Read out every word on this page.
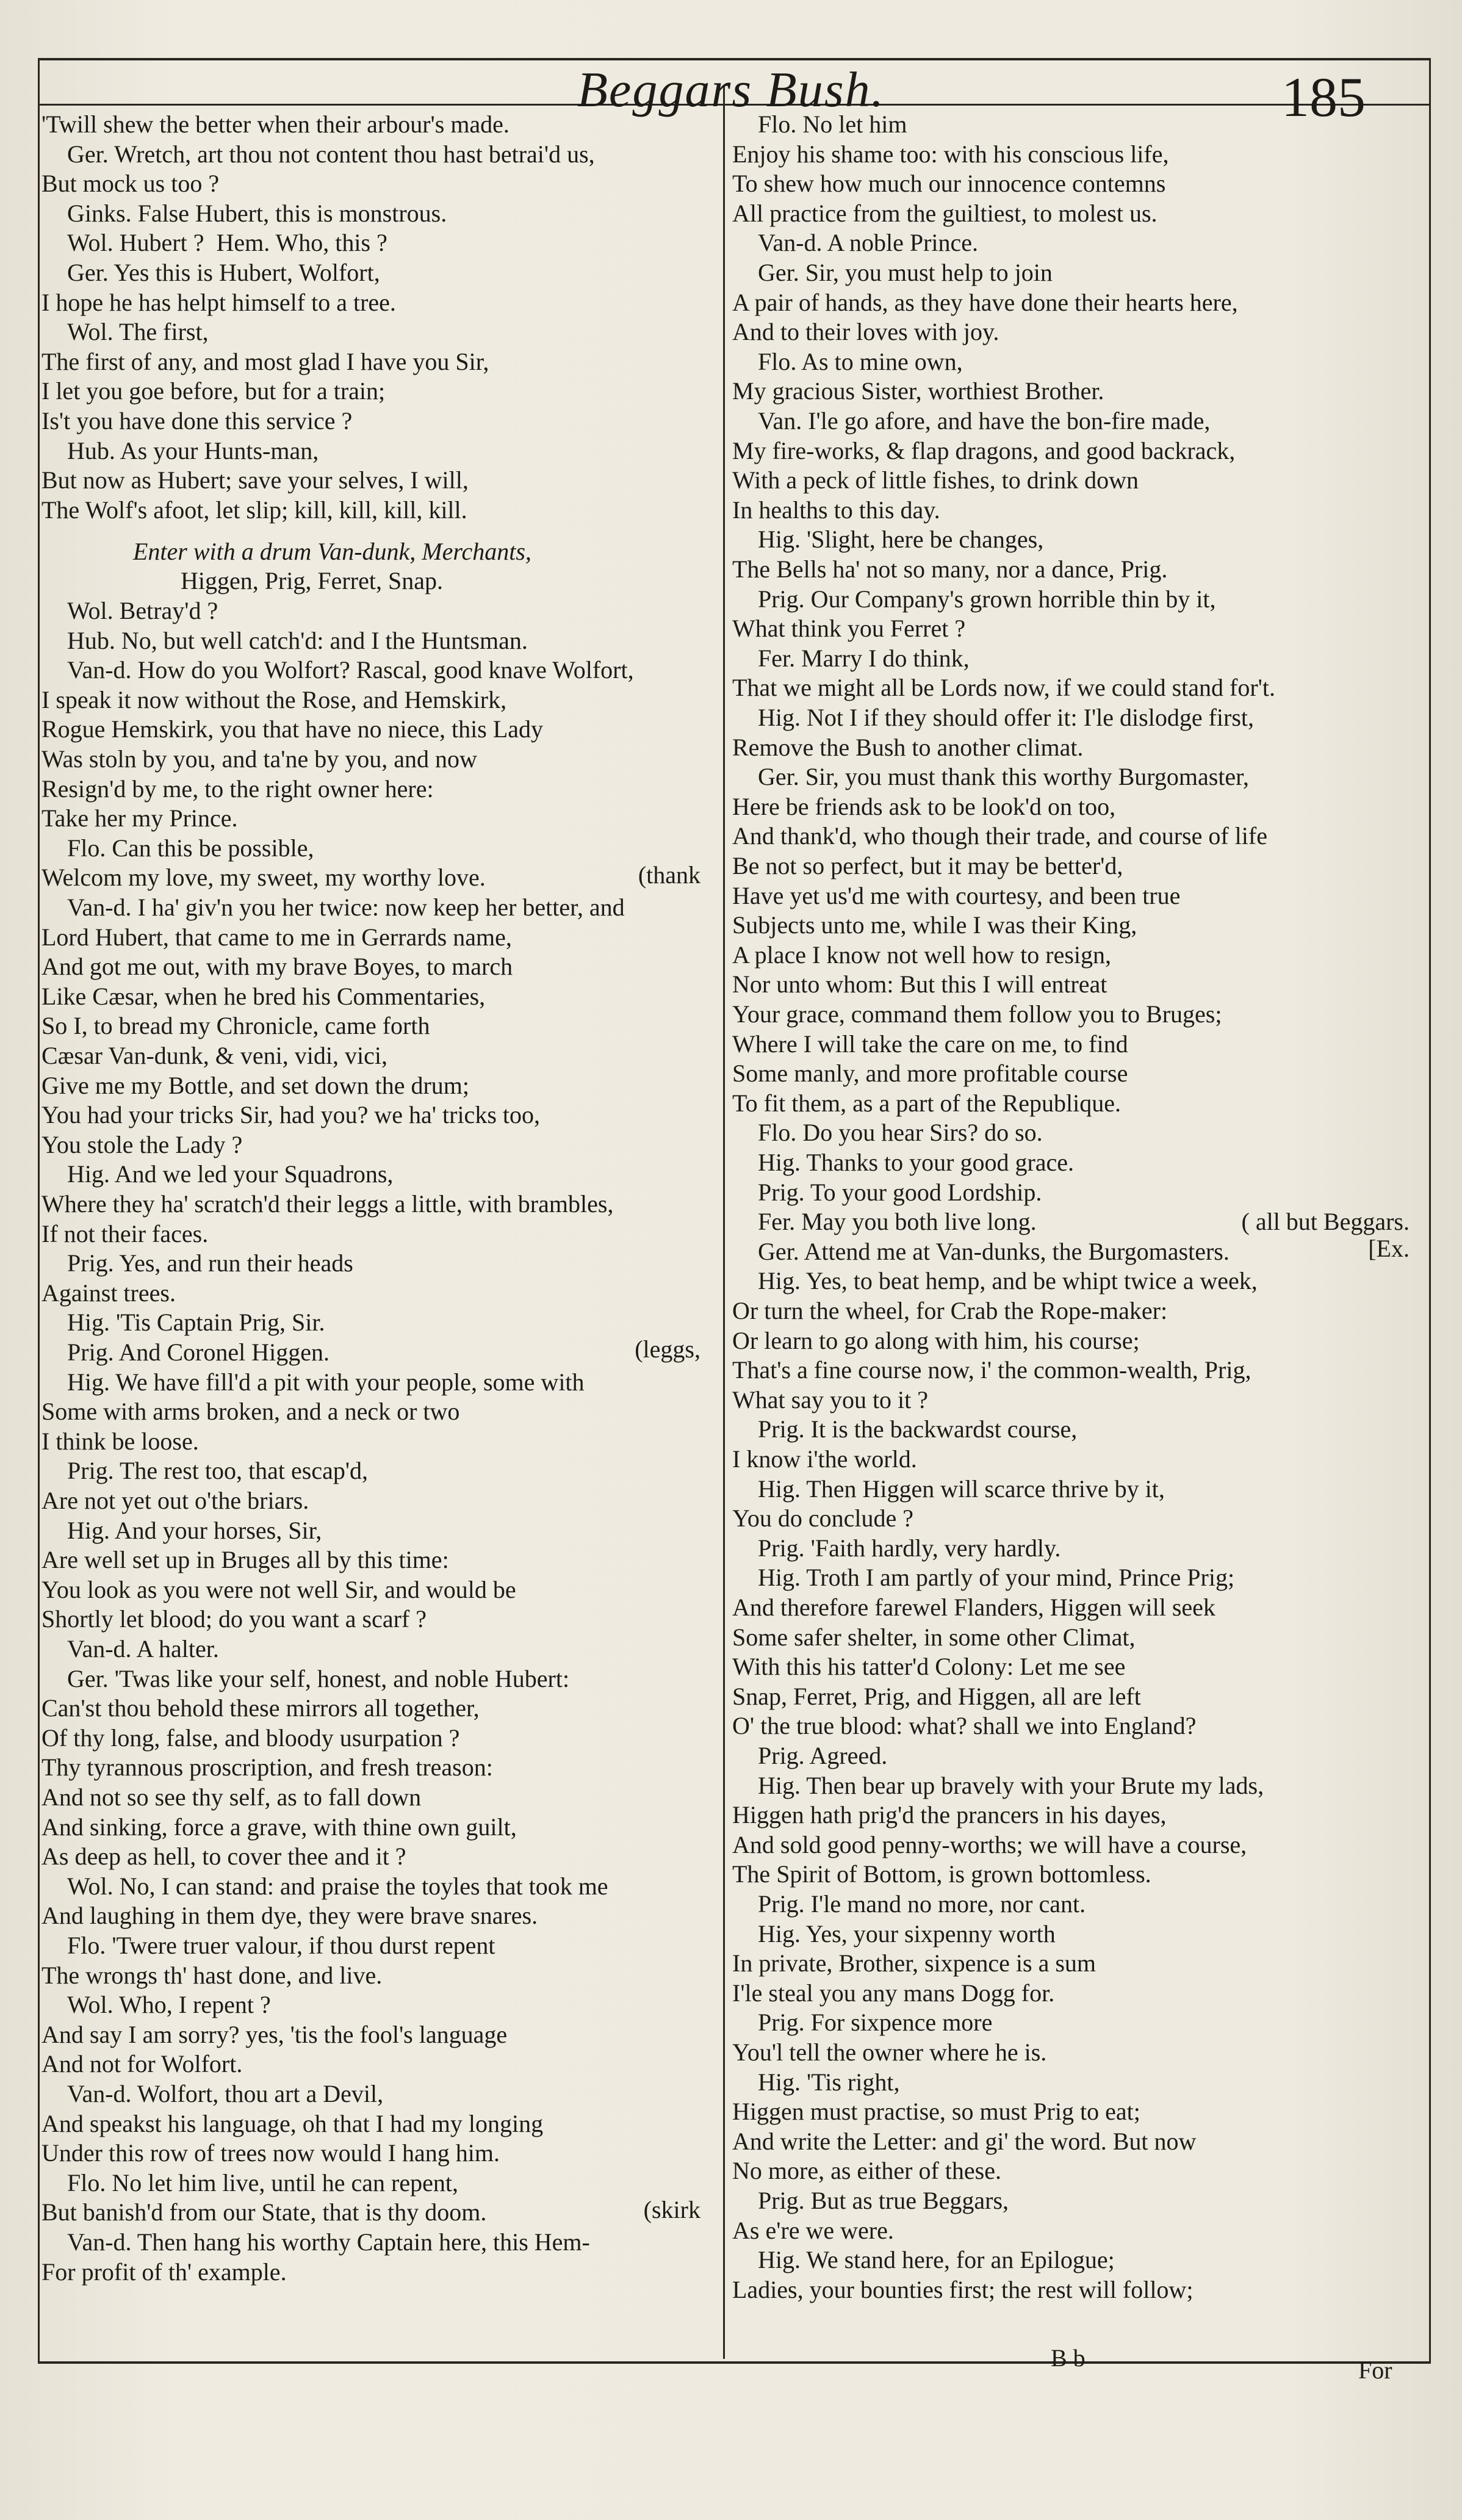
Beggars Bush.	185
'Twill shew the better when their arbour's made.
Ger. Wretch, art thou not content thou hast betrai'd us,
But mock us too ?
Ginks. False Hubert, this is monstrous.
Wol. Hubert ?  Hem. Who, this ?
Ger. Yes this is Hubert, Wolfort,
I hope he has helpt himself to a tree.
Wol. The first,
The first of any, and most glad I have you Sir,
I let you goe before, but for a train;
Is't you have done this service ?
Hub. As your Hunts-man,
But now as Hubert; save your selves, I will,
The Wolf's afoot, let slip; kill, kill, kill, kill.
Enter with a drum Van-dunk, Merchants,
Higgen, Prig, Ferret, Snap.
Wol. Betray'd ?
Hub. No, but well catch'd: and I the Huntsman.
Van-d. How do you Wolfort? Rascal, good knave Wolfort,
I speak it now without the Rose, and Hemskirk,
Rogue Hemskirk, you that have no niece, this Lady
Was stoln by you, and ta'ne by you, and now
Resign'd by me, to the right owner here:
Take her my Prince.
Flo. Can this be possible,
Welcom my love, my sweet, my worthy love.
Van-d. I ha' giv'n you her twice: now keep her better, and
Lord Hubert, that came to me in Gerrards name,
And got me out, with my brave Boyes, to march
Like Cæsar, when he bred his Commentaries,
So I, to bread my Chronicle, came forth
Cæsar Van-dunk, & veni, vidi, vici,
Give me my Bottle, and set down the drum;
You had your tricks Sir, had you? we ha' tricks too,
You stole the Lady ?
Hig. And we led your Squadrons,
Where they ha' scratch'd their leggs a little, with brambles,
If not their faces.
Prig. Yes, and run their heads
Against trees.
Hig. 'Tis Captain Prig, Sir.
Prig. And Coronel Higgen.
Hig. We have fill'd a pit with your people, some with
Some with arms broken, and a neck or two
I think be loose.
Prig. The rest too, that escap'd,
Are not yet out o'the briars.
Hig. And your horses, Sir,
Are well set up in Bruges all by this time:
You look as you were not well Sir, and would be
Shortly let blood; do you want a scarf ?
Van-d. A halter.
Ger. 'Twas like your self, honest, and noble Hubert:
Can'st thou behold these mirrors all together,
Of thy long, false, and bloody usurpation ?
Thy tyrannous proscription, and fresh treason:
And not so see thy self, as to fall down
And sinking, force a grave, with thine own guilt,
As deep as hell, to cover thee and it ?
Wol. No, I can stand: and praise the toyles that took me
And laughing in them dye, they were brave snares.
Flo. 'Twere truer valour, if thou durst repent
The wrongs th' hast done, and live.
Wol. Who, I repent ?
And say I am sorry? yes, 'tis the fool's language
And not for Wolfort.
Van-d. Wolfort, thou art a Devil,
And speakst his language, oh that I had my longing
Under this row of trees now would I hang him.
Flo. No let him live, until he can repent,
But banish'd from our State, that is thy doom.
Van-d. Then hang his worthy Captain here, this Hem-
For profit of th' example.
(thank
(leggs,
(skirk
Flo. No let him
Enjoy his shame too: with his conscious life,
To shew how much our innocence contemns
All practice from the guiltiest, to molest us.
Van-d. A noble Prince.
Ger. Sir, you must help to join
A pair of hands, as they have done their hearts here,
And to their loves with joy.
Flo. As to mine own,
My gracious Sister, worthiest Brother.
Van. I'le go afore, and have the bon-fire made,
My fire-works, & flap dragons, and good backrack,
With a peck of little fishes, to drink down
In healths to this day.
Hig. 'Slight, here be changes,
The Bells ha' not so many, nor a dance, Prig.
Prig. Our Company's grown horrible thin by it,
What think you Ferret ?
Fer. Marry I do think,
That we might all be Lords now, if we could stand for't.
Hig. Not I if they should offer it: I'le dislodge first,
Remove the Bush to another climat.
Ger. Sir, you must thank this worthy Burgomaster,
Here be friends ask to be look'd on too,
And thank'd, who though their trade, and course of life
Be not so perfect, but it may be better'd,
Have yet us'd me with courtesy, and been true
Subjects unto me, while I was their King,
A place I know not well how to resign,
Nor unto whom: But this I will entreat
Your grace, command them follow you to Bruges;
Where I will take the care on me, to find
Some manly, and more profitable course
To fit them, as a part of the Republique.
Flo. Do you hear Sirs? do so.
Hig. Thanks to your good grace.
Prig. To your good Lordship.
Fer. May you both live long.
Ger. Attend me at Van-dunks, the Burgomasters.
Hig. Yes, to beat hemp, and be whipt twice a week,
Or turn the wheel, for Crab the Rope-maker:
Or learn to go along with him, his course;
That's a fine course now, i' the common-wealth, Prig,
What say you to it ?
Prig. It is the backwardst course,
I know i'the world.
Hig. Then Higgen will scarce thrive by it,
You do conclude ?
Prig. 'Faith hardly, very hardly.
Hig. Troth I am partly of your mind, Prince Prig;
And therefore farewel Flanders, Higgen will seek
Some safer shelter, in some other Climat,
With this his tatter'd Colony: Let me see
Snap, Ferret, Prig, and Higgen, all are left
O' the true blood: what? shall we into England?
Prig. Agreed.
Hig. Then bear up bravely with your Brute my lads,
Higgen hath prig'd the prancers in his dayes,
And sold good penny-worths; we will have a course,
The Spirit of Bottom, is grown bottomless.
Prig. I'le mand no more, nor cant.
Hig. Yes, your sixpenny worth
In private, Brother, sixpence is a sum
I'le steal you any mans Dogg for.
Prig. For sixpence more
You'l tell the owner where he is.
Hig. 'Tis right,
Higgen must practise, so must Prig to eat;
And write the Letter: and gi' the word. But now
No more, as either of these.
Prig. But as true Beggars,
As e're we were.
Hig. We stand here, for an Epilogue;
Ladies, your bounties first; the rest will follow;
( all but Beggars.
[Ex.
B b	For
